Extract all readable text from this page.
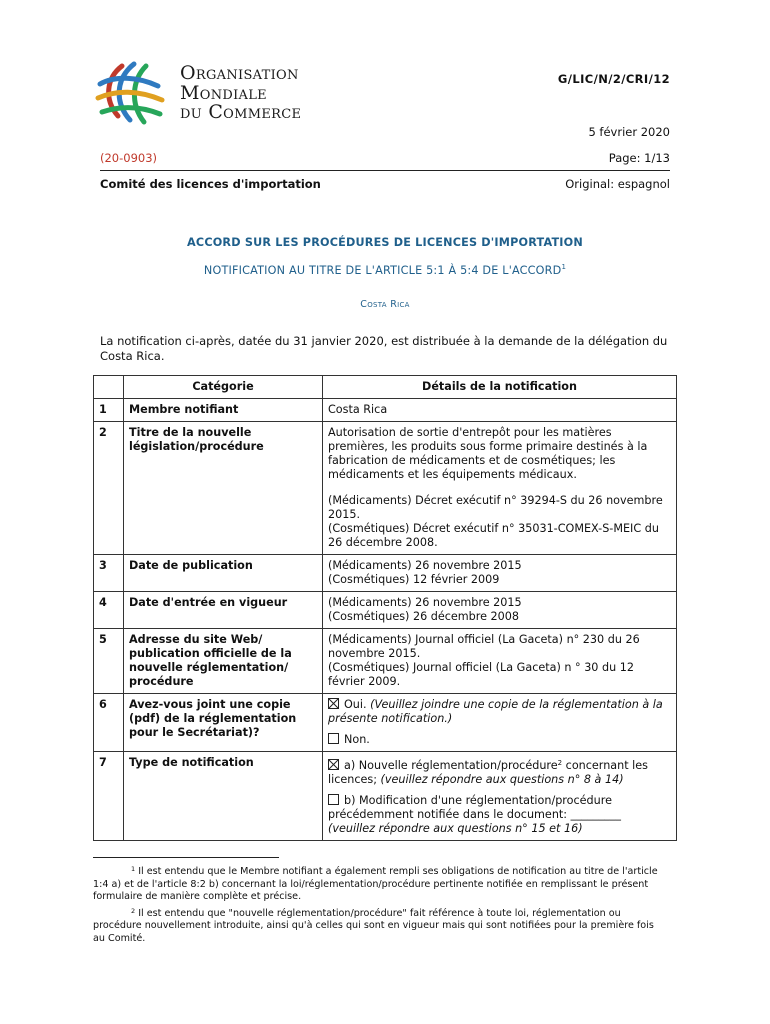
Organisation
Mondiale
du Commerce
G/LIC/N/2/CRI/12
5 février 2020
(20-0903)	Page: 1/13
Comité des licences d'importation	Original: espagnol
ACCORD SUR LES PROCÉDURES DE LICENCES D'IMPORTATION
NOTIFICATION AU TITRE DE L'ARTICLE 5:1 À 5:4 DE L'ACCORD$^1$
Costa Rica
La notification ci-après, datée du 31 janvier 2020, est distribuée à la demande de la délégation du Costa Rica.
	Catégorie	Détails de la notification
1	Membre notifiant	Costa Rica

2	Titre de la nouvelle législation/procédure	Autorisation de sortie d'entrepôt pour les matières premières, les produits sous forme primaire destinés à la fabrication de médicaments et de cosmétiques; les médicaments et les équipements médicaux.

(Médicaments) Décret exécutif n° 39294-S du 26 novembre 2015.

(Cosmétiques) Décret exécutif n° 35031-COMEX-S-MEIC du 26 décembre 2008.

3	Date de publication	(Médicaments) 26 novembre 2015

(Cosmétiques) 12 février 2009

4	Date d'entrée en vigueur	(Médicaments) 26 novembre 2015

(Cosmétiques) 26 décembre 2008

5	Adresse du site Web/ publication officielle de la nouvelle réglementation/ procédure	(Médicaments) Journal officiel (La Gaceta) n° 230 du 26 novembre 2015.

(Cosmétiques) Journal officiel (La Gaceta) n ° 30 du 12 février 2009.

6	Avez-vous joint une copie (pdf) de la réglementation pour le Secrétariat)?	Oui. (Veuillez joindre une copie de la réglementation à la présente notification.)

Non.

7	Type de notification	a) Nouvelle réglementation/procédure$^2$ concernant les licences; (veuillez répondre aux questions n° 8 à 14)

b) Modification d'une réglementation/procédure précédemment notifiée dans le document: _________
(veuillez répondre aux questions n° 15 et 16)

$^1$ Il est entendu que le Membre notifiant a également rempli ses obligations de notification au titre de l'article 1:4 a) et de l'article 8:2 b) concernant la loi/réglementation/procédure pertinente notifiée en remplissant le présent formulaire de manière complète et précise.

$^2$ Il est entendu que "nouvelle réglementation/procédure" fait référence à toute loi, réglementation ou procédure nouvellement introduite, ainsi qu'à celles qui sont en vigueur mais qui sont notifiées pour la première fois au Comité.
